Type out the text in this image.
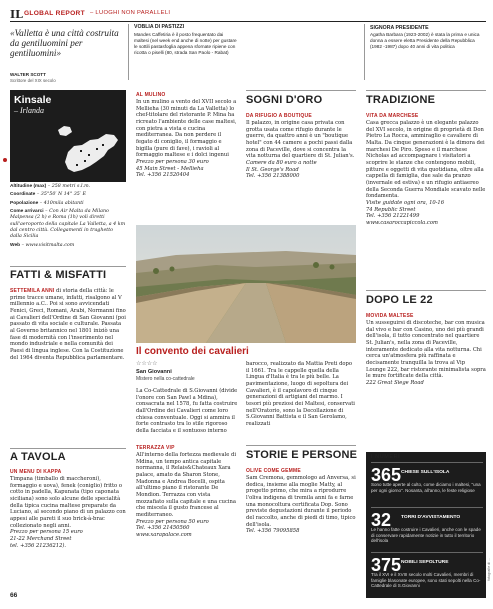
IL GLOBAL REPORT – LUOGHI NON PARALLELI
«Valletta è una città costruita da gentiluomini per gentiluomini»
WALTER SCOTT
Scrittore del XIX secolo
VOBLIA DI PASTIZZI
Mandes Caffetiria è il posto frequentato dai maltesi (nel week end anche di notte) per gustare le sottili pastasfoglia appena sfornate ripiene con ricotta o piselli (80, strada San Paolo - Rabat)
SIGNORA PRESIDENTE
Agatha Barbara (1923-2002) è stata la prima e unica donna a essere eletta Presidente della Repubblica (1982 -1987) dopo 40 anni di vita politica
Kinsale
– Irlanda

Altitudine (max) – 258 metri s.l.m.

Coordinate – 35°50′ N 14° 35′ E

Popolazione – 410mila abitanti

Come arrivarci – Con Air Malta da Milano Malpensa (2 h) e Roma (1h) voli diretti sull'aeroporto della capitale La Valletta, a 4 km dal centro città. Collegamenti in traghetto dalla Sicilia

Web – www.visitmalta.com

FATTI & MISFATTI
SETTEMILA ANNI di storia della città: le prime tracce umane, infatti, risalgono al V millennio a.C.. Poi si sono avvicendati Fenici, Greci, Romani, Arabi, Normanni fino ai Cavalieri dell'Ordine di San Giovanni (poi passato di vita sociale e culturale. Passata al Governo britannico nel 1801 iniziò una fase di modernità con l'inserimento nel mondo industriale e nella comunità dei Paesi di lingua inglese. Con la Costituzione del 1964 diventa Repubblica parlamentare.
A TAVOLA
UN MENU DI KAPPA
Timpana (timballo di maccheroni), formaggio e uova), fenek (coniglio) fritto o cotto in padella, Kapunata (tipo caponata siciliana) sono solo alcune delle specialità della tipica cucina maltese preparate da Luciano, al secondo piano di un palazzo con appesi alle pareti il suo brick-à-brac collezionato negli anni.
Prezzo per persona 15 euro
21-22 Merchand Street
tel. +356 21236212).
AL MULINO
In un mulino a vento del XVII secolo a Mellieha (30 minuti da La Valletta) lo chef-titolare del ristorante P. Mina ha ricreato l'ambiente delle case maltesi, con pietra a vista e cucina mediterranea. Da non perdere il fegato di coniglio, il formaggio e bigilla (pure di fave), i ravioli al formaggio maltese e i dolci ingenui
Prezzo per persona 30 euro
45 Main Street - Mellieha
Tel. +356 21520404
SOGNI D'ORO
DA RIFUGIO A BOUTIQUE
Il palazzo, in origine casa privata con grotta usata come rifugio durante le guerre, da quattro anni è un "boutique hotel" con 44 camere a pochi passi dalla zona di Paceville, dove si concentra la vita notturna del quartiere di St. Julian's.
Camere da 80 euro a notte
Il St. George's Road
Tel. +356 21388000
TRADIZIONE
VITA DA MARCHESE
Casa grecca palazzo è un elegante palazzo del XVI secolo, in origine di proprietà di Don Pietro La Rocca, ammiraglio e cavaliere di Malta. Da cinque generazioni è la dimora dei marchesi De Piro. Speso e il marchese Nicholas ad accompagnare i visitatori a scoprire le stanze che contengono mobili, pitture e oggetti di vita quotidiana, oltre alla cappella di famiglia, due sale da pranzo (invernale ed estiva) e un rifugio antiaereo della Seconda Guerra Mondiale scavato nelle fondamenta.
Visite guidate ogni ora, 10-16
74 Republic Street
Tel. +356 21221499
www.casaroccapiccola.com
DOPO LE 22
MOVIDA MALTESE
Un susseguirsi di discoteche, bar con musica dal vivo e bar con Casino, uno dei più grandi dell'isola, il tutto concentrato nel quartiere St. Julian's, nella zona di Paceville, interamente dedicato alla vita notturna. Chi cerca un'atmosfera più raffinata e decisamente tranquilla la trova al Vip Lounge 222, bar ristorante minimalista sopra le mure fortificate della città.
222 Great Siege Road
Il convento dei cavalieri
☆☆☆☆
San Giovanni
Mistero nella co-cattedrale
La Co-Cattedrale di S.Giovanni (divide l'onore con San Pawl a Mdina), consacrata nel 1578, fu fatta costruire dall'Ordine dei Cavalieri come loro chiesa conventuale. Oggi si ammira il forte contrasto tra lo stile rigoroso della facciata e il sontuoso interno
barocco, realizzato da Mattia Preti dopo il 1661. Tra le cappelle quella della Lingua d'Italia è tra le più belle. La pavimentazione, luogo di sepoltura dei Cavalieri, è il capolavoro di cinque generazioni di artigiani del marmo. I tesori più preziosi dei Maltesi, conservati nell'Oratorio, sono la Decollazione di S.Giovanni Battista e il San Gerolamo, realizzati
TERRAZZA VIP
All'interno della fortezza medievale di Mdina, un tempo antica capitale normanna, il Relais&Chateaux Xara palace, amato da Sharon Stone, Madonna e Andrea Bocelli, ospita all'ultimo piano il ristorante De Mondion. Terrazza con vista mozzafiato sulla capitale e una cucina che miscela il gusto francese al mediterraneo.
Prezzo per persona 50 euro
Tel. +356 21450560
www.xarapalace.com
STORIE E PERSONE
OLIVE COME GEMME
Sam Cremona, gemmologo ad Anversa, si dedica, insieme alla moglie Matty, al progetto primo, che mira a riprodurre l'oliva indigena di tremila anni fa e farne una monocoltura certificata Dop. Sono previste degustazioni durante il periodo del raccolto, anche di piedi di timo, tipico dell'isola.
Tel. +356 79095858
I NUMERI
365 CHIESE SULL'ISOLA
Sono tutte aperte al culto, come diciamo i maltesi, "una per ogni giorno". Nosanta, all'anno, le feste religiose
32 TORRI D'AVVISTAMENTO
Le hanno fatte costruire i Cavalieri, anche con le spade di conservare rapidamente notizie in tutto il territorio dell'isola
375 NOBILI SEPOLTURE
Tra il XVI e il XVIII secolo molti Cavalieri, membri di famiglie blasonate europee, sono stati sepolti nella Co-Cattedrale di S.Giovanni
66
fotografie di ...
